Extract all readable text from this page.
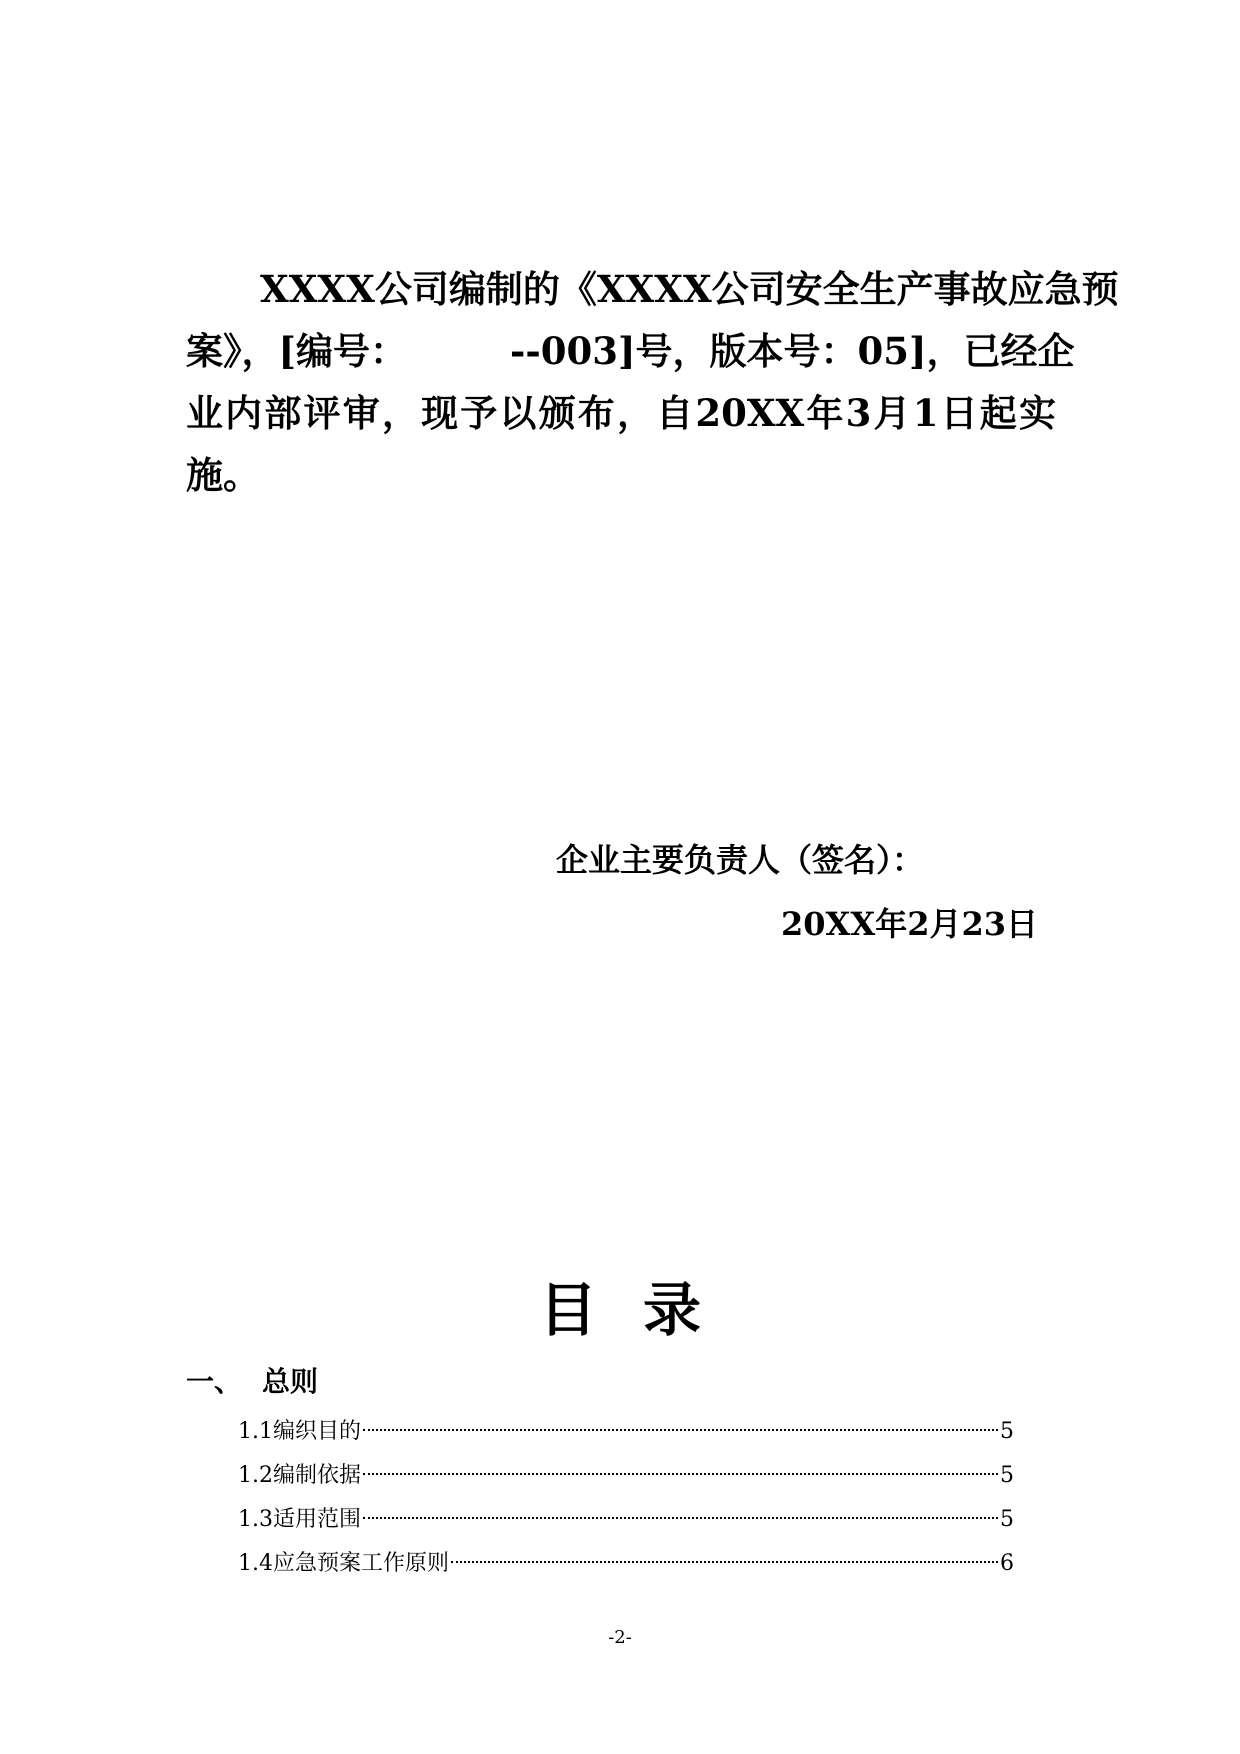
XXXX公司编制的《XXXX公司安全生产事故应急预
案》，[编号：        --003]号，版本号：05]，已经企
业内部评审，现予以颁布，自20XX年3月1日起实
施。
企业主要负责人（签名）：
20XX年2月23日
目录
一、 总则
1.1编织目的	5
1.2编制依据	5
1.3适用范围	5
1.4应急预案工作原则	6
-2-
